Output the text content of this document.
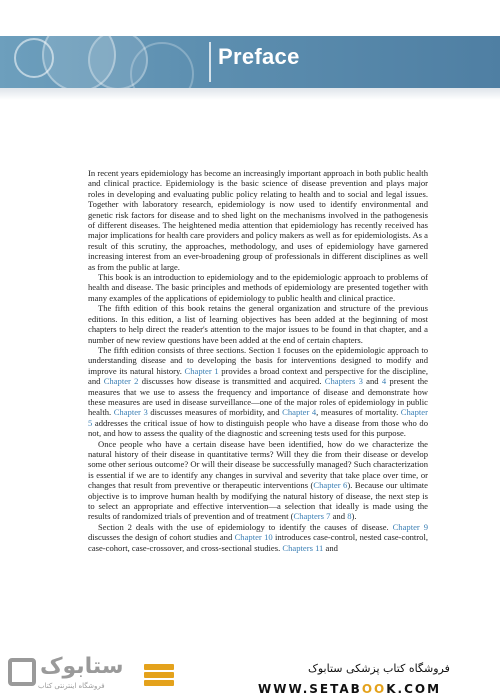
Preface

In recent years epidemiology has become an increasingly important approach in both public health and clinical practice. Epidemiology is the basic science of disease prevention and plays major roles in developing and evaluating public policy relating to health and to social and legal issues. Together with laboratory research, epidemiology is now used to identify environmental and genetic risk factors for disease and to shed light on the mechanisms involved in the pathogenesis of different diseases. The heightened media attention that epidemiology has recently received has major implications for health care providers and policy makers as well as for epidemiologists. As a result of this scrutiny, the approaches, methodology, and uses of epidemiology have garnered increasing interest from an ever-broadening group of professionals in different disciplines as well as from the public at large.

This book is an introduction to epidemiology and to the epidemiologic approach to problems of health and disease. The basic principles and methods of epidemiology are presented together with many examples of the applications of epidemiology to public health and clinical practice.

The fifth edition of this book retains the general organization and structure of the previous editions. In this edition, a list of learning objectives has been added at the beginning of most chapters to help direct the reader's attention to the major issues to be found in that chapter, and a number of new review questions have been added at the end of certain chapters.

The fifth edition consists of three sections. Section 1 focuses on the epidemiologic approach to understanding disease and to developing the basis for interventions designed to modify and improve its natural history. Chapter 1 provides a broad context and perspective for the discipline, and Chapter 2 discusses how disease is transmitted and acquired. Chapters 3 and 4 present the measures that we use to assess the frequency and importance of disease and demonstrate how these measures are used in disease surveillance—one of the major roles of epidemiology in public health. Chapter 3 discusses measures of morbidity, and Chapter 4, measures of mortality. Chapter 5 addresses the critical issue of how to distinguish people who have a disease from those who do not, and how to assess the quality of the diagnostic and screening tests used for this purpose.

Once people who have a certain disease have been identified, how do we characterize the natural history of their disease in quantitative terms? Will they die from their disease or develop some other serious outcome? Or will their disease be successfully managed? Such characterization is essential if we are to identify any changes in survival and severity that take place over time, or changes that result from preventive or therapeutic interventions (Chapter 6). Because our ultimate objective is to improve human health by modifying the natural history of disease, the next step is to select an appropriate and effective intervention—a selection that ideally is made using the results of randomized trials of prevention and of treatment (Chapters 7 and 8).

Section 2 deals with the use of epidemiology to identify the causes of disease. Chapter 9 discusses the design of cohort studies and Chapter 10 introduces case-control, nested case-control, case-cohort, case-crossover, and cross-sectional studies. Chapters 11 and

ستابوک
فروشگاه اینترنتی کتاب
فروشگاه کتاب پزشکی ستابوک
WWW.SETABOOK.COM
